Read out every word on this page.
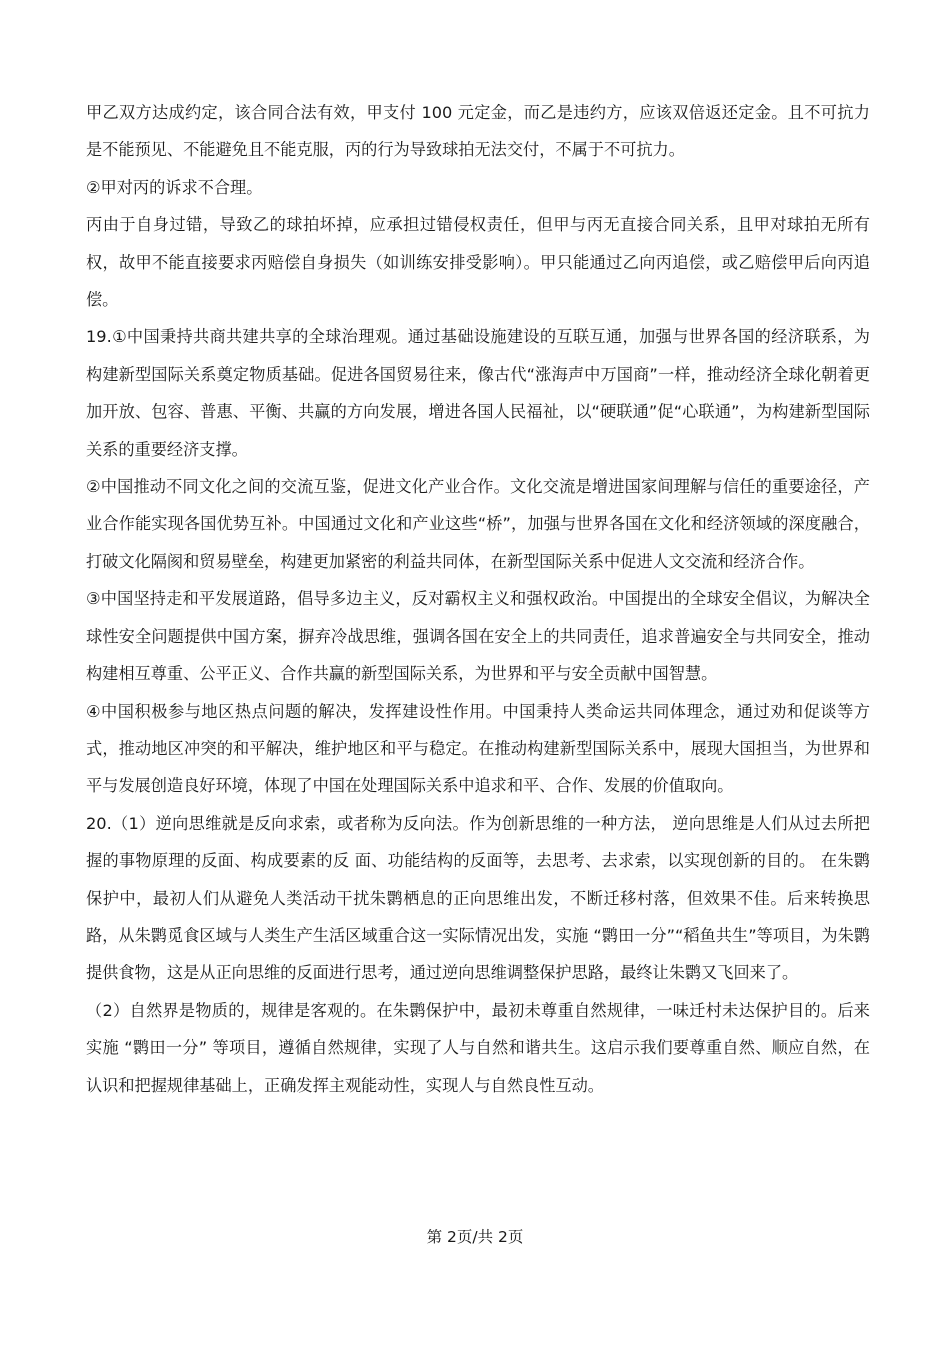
甲乙双方达成约定，该合同合法有效，甲支付 100 元定金，而乙是违约方，应该双倍返还定金。且不可抗力是不能预见、不能避免且不能克服，丙的行为导致球拍无法交付，不属于不可抗力。

②甲对丙的诉求不合理。

丙由于自身过错，导致乙的球拍坏掉，应承担过错侵权责任，但甲与丙无直接合同关系，且甲对球拍无所有权，故甲不能直接要求丙赔偿自身损失（如训练安排受影响）。甲只能通过乙向丙追偿，或乙赔偿甲后向丙追偿。

19.①中国秉持共商共建共享的全球治理观。通过基础设施建设的互联互通，加强与世界各国的经济联系，为构建新型国际关系奠定物质基础。促进各国贸易往来，像古代“涨海声中万国商”一样，推动经济全球化朝着更加开放、包容、普惠、平衡、共赢的方向发展，增进各国人民福祉，以“硬联通”促“心联通”，为构建新型国际关系的重要经济支撑。

②中国推动不同文化之间的交流互鉴，促进文化产业合作。文化交流是增进国家间理解与信任的重要途径，产业合作能实现各国优势互补。中国通过文化和产业这些“桥”，加强与世界各国在文化和经济领域的深度融合，打破文化隔阂和贸易壁垒，构建更加紧密的利益共同体，在新型国际关系中促进人文交流和经济合作。

③中国坚持走和平发展道路，倡导多边主义，反对霸权主义和强权政治。中国提出的全球安全倡议，为解决全球性安全问题提供中国方案，摒弃冷战思维，强调各国在安全上的共同责任，追求普遍安全与共同安全，推动构建相互尊重、公平正义、合作共赢的新型国际关系，为世界和平与安全贡献中国智慧。

④中国积极参与地区热点问题的解决，发挥建设性作用。中国秉持人类命运共同体理念，通过劝和促谈等方式，推动地区冲突的和平解决，维护地区和平与稳定。在推动构建新型国际关系中，展现大国担当，为世界和平与发展创造良好环境，体现了中国在处理国际关系中追求和平、合作、发展的价值取向。

20.（1）逆向思维就是反向求索，或者称为反向法。作为创新思维的一种方法， 逆向思维是人们从过去所把握的事物原理的反面、构成要素的反 面、功能结构的反面等，去思考、去求索，以实现创新的目的。 在朱鹮保护中，最初人们从避免人类活动干扰朱鹮栖息的正向思维出发，不断迁移村落，但效果不佳。后来转换思路，从朱鹮觅食区域与人类生产生活区域重合这一实际情况出发，实施 “鹮田一分”“稻鱼共生”等项目，为朱鹮提供食物，这是从正向思维的反面进行思考，通过逆向思维调整保护思路，最终让朱鹮又飞回来了。

（2）自然界是物质的，规律是客观的。在朱鹮保护中，最初未尊重自然规律，一味迁村未达保护目的。后来实施 “鹮田一分” 等项目，遵循自然规律，实现了人与自然和谐共生。这启示我们要尊重自然、顺应自然，在认识和把握规律基础上，正确发挥主观能动性，实现人与自然良性互动。

第 2页/共 2页
